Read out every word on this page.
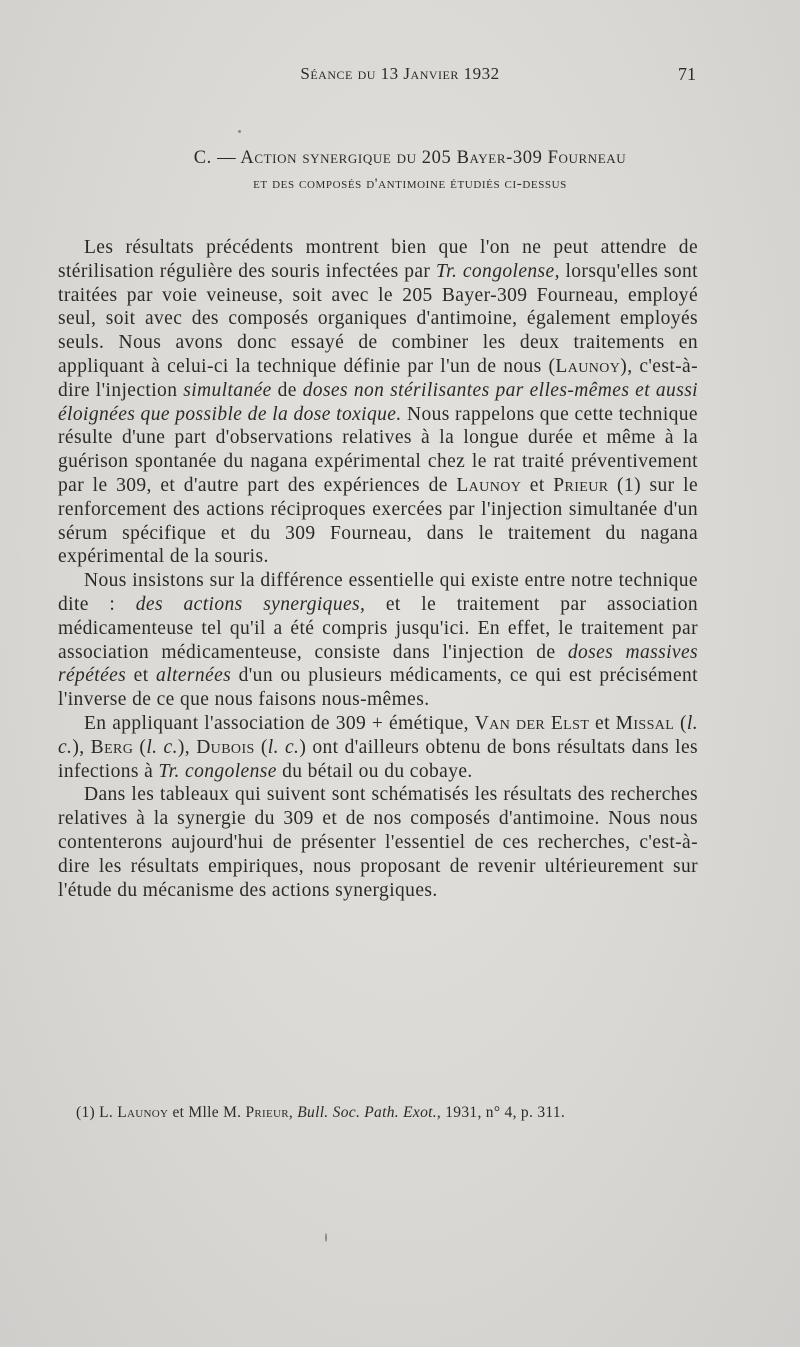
Séance du 13 Janvier 1932	71
C. — Action synergique du 205 Bayer-309 Fourneau
et des composés d'antimoine étudiés ci-dessus

Les résultats précédents montrent bien que l'on ne peut attendre de stérilisation régulière des souris infectées par Tr. congolense, lorsqu'elles sont traitées par voie veineuse, soit avec le 205 Bayer-309 Fourneau, employé seul, soit avec des composés organiques d'antimoine, également employés seuls. Nous avons donc essayé de combiner les deux traitements en appliquant à celui-ci la technique définie par l'un de nous (Launoy), c'est-à-dire l'injection simultanée de doses non stérilisantes par elles-mêmes et aussi éloignées que possible de la dose toxique. Nous rappelons que cette technique résulte d'une part d'observations relatives à la longue durée et même à la guérison spontanée du nagana expérimental chez le rat traité préventivement par le 309, et d'autre part des expériences de Launoy et Prieur (1) sur le renforcement des actions réciproques exercées par l'injection simultanée d'un sérum spécifique et du 309 Fourneau, dans le traitement du nagana expérimental de la souris.

Nous insistons sur la différence essentielle qui existe entre notre technique dite : des actions synergiques, et le traitement par association médicamenteuse tel qu'il a été compris jusqu'ici. En effet, le traitement par association médicamenteuse, consiste dans l'injection de doses massives répétées et alternées d'un ou plusieurs médicaments, ce qui est précisément l'inverse de ce que nous faisons nous-mêmes.

En appliquant l'association de 309 + émétique, Van der Elst et Missal (l. c.), Berg (l. c.), Dubois (l. c.) ont d'ailleurs obtenu de bons résultats dans les infections à Tr. congolense du bétail ou du cobaye.

Dans les tableaux qui suivent sont schématisés les résultats des recherches relatives à la synergie du 309 et de nos composés d'antimoine. Nous nous contenterons aujourd'hui de présenter l'essentiel de ces recherches, c'est-à-dire les résultats empiriques, nous proposant de revenir ultérieurement sur l'étude du mécanisme des actions synergiques.

(1) L. Launoy et Mlle M. Prieur, Bull. Soc. Path. Exot., 1931, n° 4, p. 311.
